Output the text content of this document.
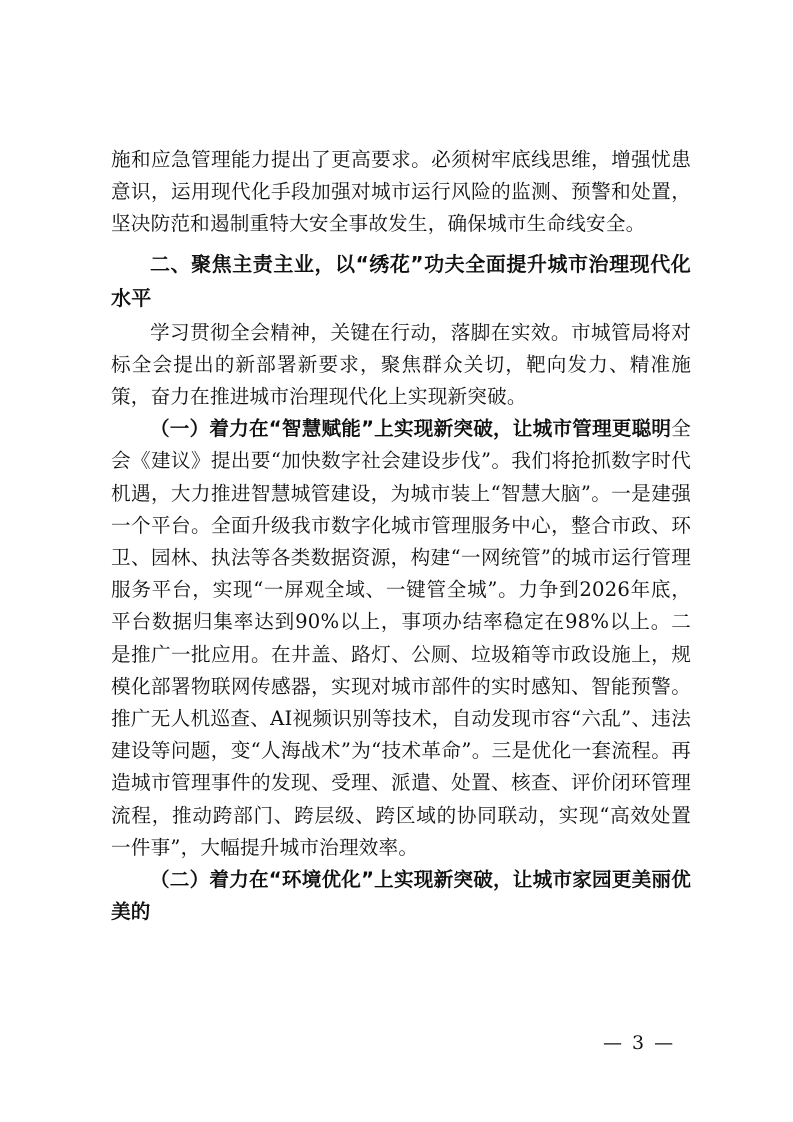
施和应急管理能力提出了更高要求。必须树牢底线思维，增强忧患意识，运用现代化手段加强对城市运行风险的监测、预警和处置，坚决防范和遏制重特大安全事故发生，确保城市生命线安全。

二、聚焦主责主业，以“绣花”功夫全面提升城市治理现代化水平

学习贯彻全会精神，关键在行动，落脚在实效。市城管局将对标全会提出的新部署新要求，聚焦群众关切，靶向发力、精准施策，奋力在推进城市治理现代化上实现新突破。

（一）着力在“智慧赋能”上实现新突破，让城市管理更聪明全会《建议》提出要“加快数字社会建设步伐”。我们将抢抓数字时代机遇，大力推进智慧城管建设，为城市装上“智慧大脑”。一是建强一个平台。全面升级我市数字化城市管理服务中心，整合市政、环卫、园林、执法等各类数据资源，构建“一网统管”的城市运行管理服务平台，实现“一屏观全域、一键管全城”。力争到2026年底，平台数据归集率达到90%以上，事项办结率稳定在98%以上。二是推广一批应用。在井盖、路灯、公厕、垃圾箱等市政设施上，规模化部署物联网传感器，实现对城市部件的实时感知、智能预警。推广无人机巡查、AI视频识别等技术，自动发现市容“六乱”、违法建设等问题，变“人海战术”为“技术革命”。三是优化一套流程。再造城市管理事件的发现、受理、派遣、处置、核查、评价闭环管理流程，推动跨部门、跨层级、跨区域的协同联动，实现“高效处置一件事”，大幅提升城市治理效率。

（二）着力在“环境优化”上实现新突破，让城市家园更美丽优美的

— 3 —
